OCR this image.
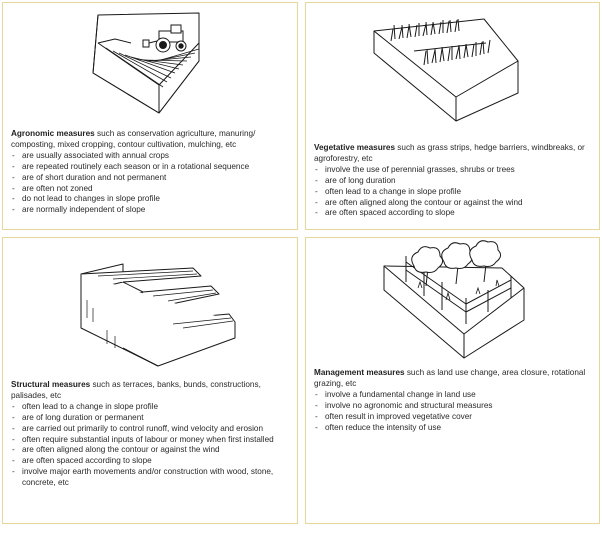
Agronomic measures such as conservation agriculture, manuring/ composting, mixed cropping, contour cultivation, mulching, etc

- are usually associated with annual crops
- are repeated routinely each season or in a rotational sequence
- are of short duration and not permanent
- are often not zoned
- do not lead to changes in slope profile
- are normally independent of slope

Vegetative measures such as grass strips, hedge barriers, windbreaks, or agroforestry, etc

- involve the use of perennial grasses, shrubs or trees
- are of long duration
- often lead to a change in slope profile
- are often aligned along the contour or against the wind
- are often spaced according to slope

Structural measures such as terraces, banks, bunds, constructions, palisades, etc

- often lead to a change in slope profile
- are of long duration or permanent
- are carried out primarily to control runoff, wind velocity and erosion
- often require substantial inputs of labour or money when first installed
- are often aligned along the contour or against the wind
- are often spaced according to slope
- involve major earth movements and/or construction with wood, stone, concrete, etc

Management measures such as land use change, area closure, rotational grazing, etc

- involve a fundamental change in land use
- involve no agronomic and structural measures
- often result in improved vegetative cover
- often reduce the intensity of use
